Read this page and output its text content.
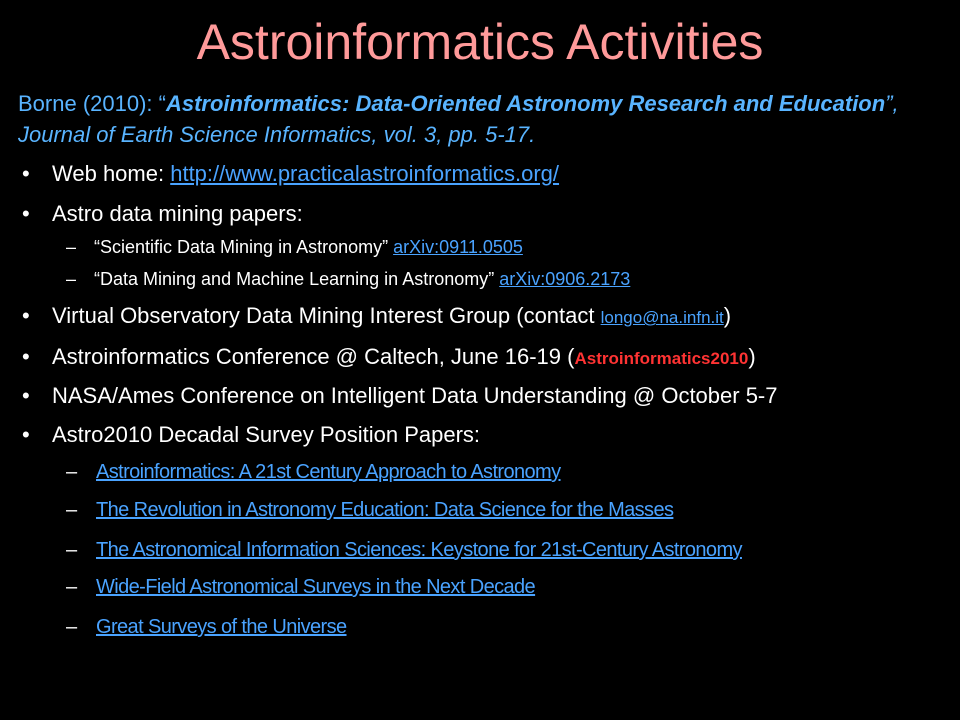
Astroinformatics Activities
Borne (2010): “Astroinformatics: Data-Oriented Astronomy Research and Education”, Journal of Earth Science Informatics, vol. 3, pp. 5-17.
• Web home: http://www.practicalastroinformatics.org/
• Astro data mining papers:
– “Scientific Data Mining in Astronomy” arXiv:0911.0505
– “Data Mining and Machine Learning in Astronomy” arXiv:0906.2173
• Virtual Observatory Data Mining Interest Group (contact longo@na.infn.it)
• Astroinformatics Conference @ Caltech, June 16-19 (Astroinformatics2010)
• NASA/Ames Conference on Intelligent Data Understanding @ October 5-7
• Astro2010 Decadal Survey Position Papers:
– Astroinformatics: A 21st Century Approach to Astronomy
– The Revolution in Astronomy Education: Data Science for the Masses
– The Astronomical Information Sciences: Keystone for 21st-Century Astronomy
– Wide-Field Astronomical Surveys in the Next Decade
– Great Surveys of the Universe
